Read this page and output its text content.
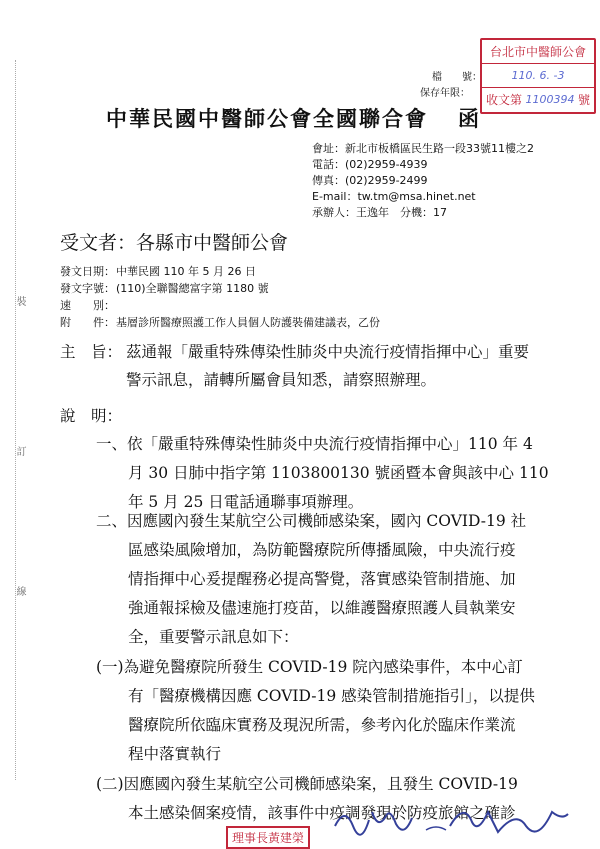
台北市中醫師公會
110. 6. -3
收文第 1100394 號
檔　　 號：
保存年限：
中華民國中醫師公會全國聯合會 函
會址：新北市板橋區民生路一段33號11樓之2
電話：(02)2959-4939
傳真：(02)2959-2499
E-mail：tw.tm@msa.hinet.net
承辦人：王逸年　分機：17
受文者：各縣市中醫師公會
發文日期：中華民國 110 年 5 月 26 日
發文字號：(110)全聯醫總富字第 1180 號
速　　別：
附　　件：基層診所醫療照護工作人員個人防護裝備建議表，乙份
裝
訂
線
主　旨： 茲通報「嚴重特殊傳染性肺炎中央流行疫情指揮中心」重要
警示訊息，請轉所屬會員知悉，請察照辦理。
說　明：
一、依「嚴重特殊傳染性肺炎中央流行疫情指揮中心」110 年 4
月 30 日肺中指字第 1103800130 號函暨本會與該中心 110
年 5 月 25 日電話通聯事項辦理。
二、因應國內發生某航空公司機師感染案，國內 COVID-19 社
區感染風險增加，為防範醫療院所傳播風險，中央流行疫
情指揮中心爰提醒務必提高警覺，落實感染管制措施、加
強通報採檢及儘速施打疫苗，以維護醫療照護人員執業安
全，重要警示訊息如下：
(一)為避免醫療院所發生 COVID-19 院內感染事件，本中心訂
有「醫療機構因應 COVID-19 感染管制措施指引」，以提供
醫療院所依臨床實務及現況所需，參考內化於臨床作業流
程中落實執行
(二)因應國內發生某航空公司機師感染案，且發生 COVID-19
本土感染個案疫情，該事件中疫調發現於防疫旅館之確診
理事長黃建榮
